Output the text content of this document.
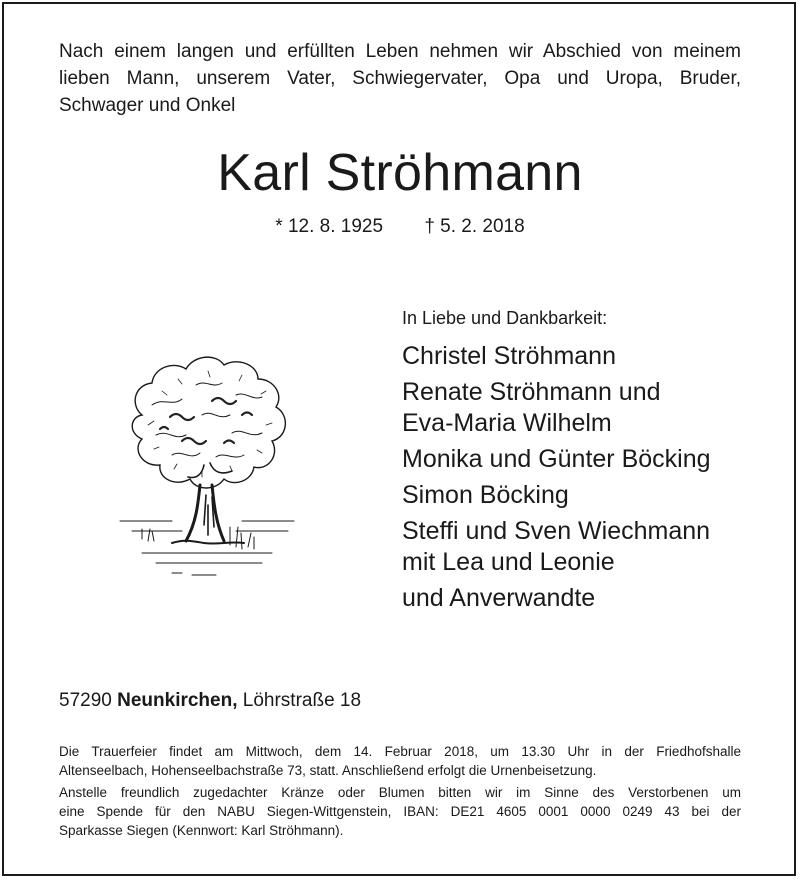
Nach einem langen und erfüllten Leben nehmen wir Abschied von meinem
lieben Mann, unserem Vater, Schwiegervater, Opa und Uropa, Bruder,
Schwager und Onkel

Karl Ströhmann
* 12. 8. 1925 † 5. 2. 2018

In Liebe und Dankbarkeit:

Christel Ströhmann

Renate Ströhmann und
Eva-Maria Wilhelm

Monika und Günter Böcking

Simon Böcking

Steffi und Sven Wiechmann
mit Lea und Leonie

und Anverwandte

57290 Neunkirchen, Löhrstraße 18

Die Trauerfeier findet am Mittwoch, dem 14. Februar 2018, um 13.30 Uhr in der Friedhofshalle
Altenseelbach, Hohenseelbachstraße 73, statt. Anschließend erfolgt die Urnenbeisetzung.

Anstelle freundlich zugedachter Kränze oder Blumen bitten wir im Sinne des Verstorbenen um
eine Spende für den NABU Siegen-Wittgenstein, IBAN: DE21 4605 0001 0000 0249 43 bei der
Sparkasse Siegen (Kennwort: Karl Ströhmann).
